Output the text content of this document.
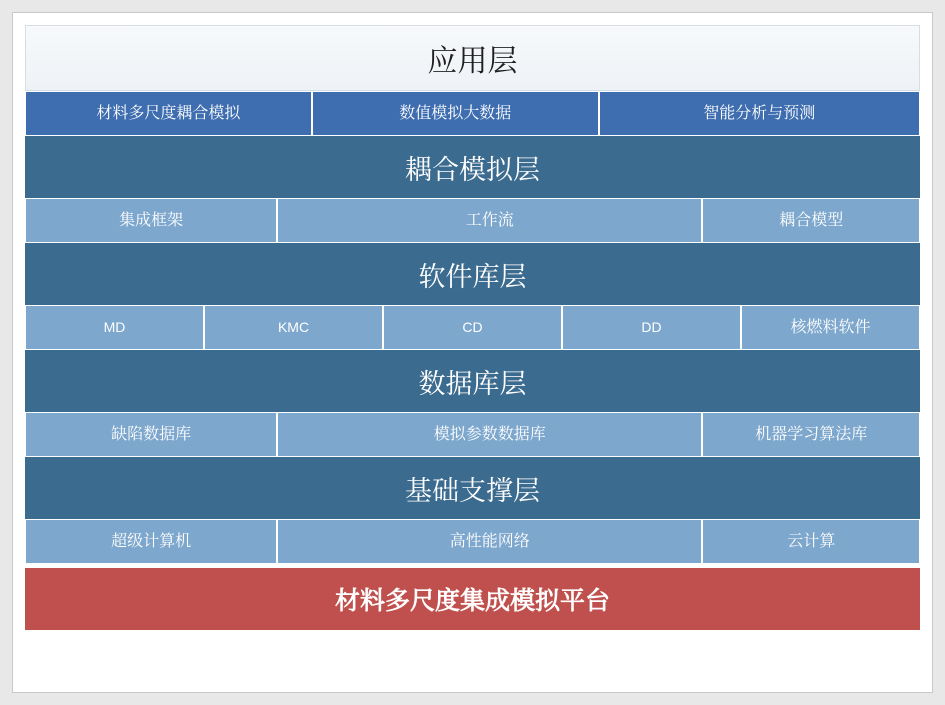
应用层
材料多尺度耦合模拟	数值模拟大数据	智能分析与预测
耦合模拟层
集成框架	工作流	耦合模型
软件库层
MD	KMC	CD	DD	核燃料软件
数据库层
缺陷数据库	模拟参数数据库	机器学习算法库
基础支撑层
超级计算机	高性能网络	云计算
材料多尺度集成模拟平台
